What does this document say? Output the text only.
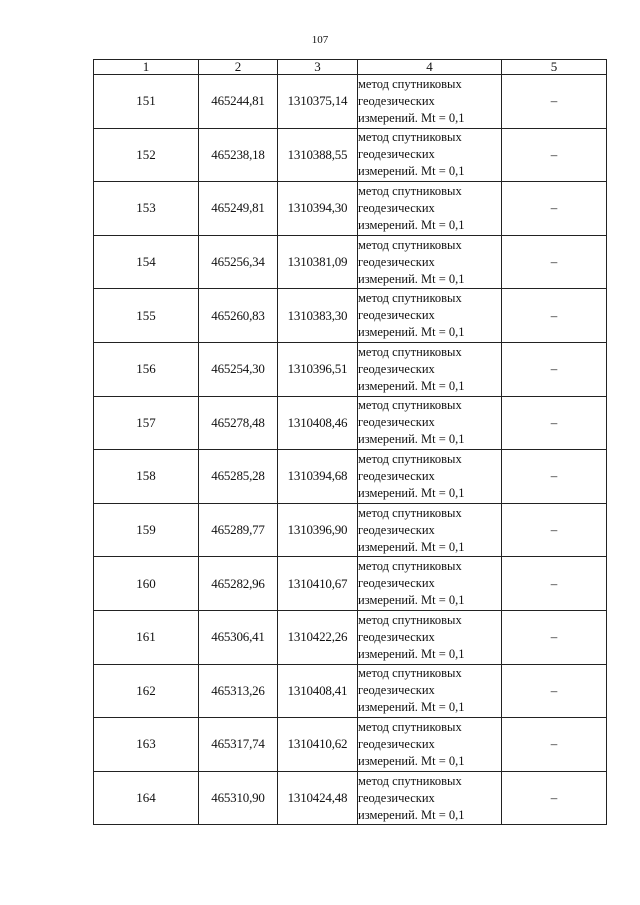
107
1	2	3	4	5
151	465244,81	1310375,14	метод спутниковых
геодезических
измерений. Mt = 0,1	–
152	465238,18	1310388,55	метод спутниковых
геодезических
измерений. Mt = 0,1	–
153	465249,81	1310394,30	метод спутниковых
геодезических
измерений. Mt = 0,1	–
154	465256,34	1310381,09	метод спутниковых
геодезических
измерений. Mt = 0,1	–
155	465260,83	1310383,30	метод спутниковых
геодезических
измерений. Mt = 0,1	–
156	465254,30	1310396,51	метод спутниковых
геодезических
измерений. Mt = 0,1	–
157	465278,48	1310408,46	метод спутниковых
геодезических
измерений. Mt = 0,1	–
158	465285,28	1310394,68	метод спутниковых
геодезических
измерений. Mt = 0,1	–
159	465289,77	1310396,90	метод спутниковых
геодезических
измерений. Mt = 0,1	–
160	465282,96	1310410,67	метод спутниковых
геодезических
измерений. Mt = 0,1	–
161	465306,41	1310422,26	метод спутниковых
геодезических
измерений. Mt = 0,1	–
162	465313,26	1310408,41	метод спутниковых
геодезических
измерений. Mt = 0,1	–
163	465317,74	1310410,62	метод спутниковых
геодезических
измерений. Mt = 0,1	–
164	465310,90	1310424,48	метод спутниковых
геодезических
измерений. Mt = 0,1	–
